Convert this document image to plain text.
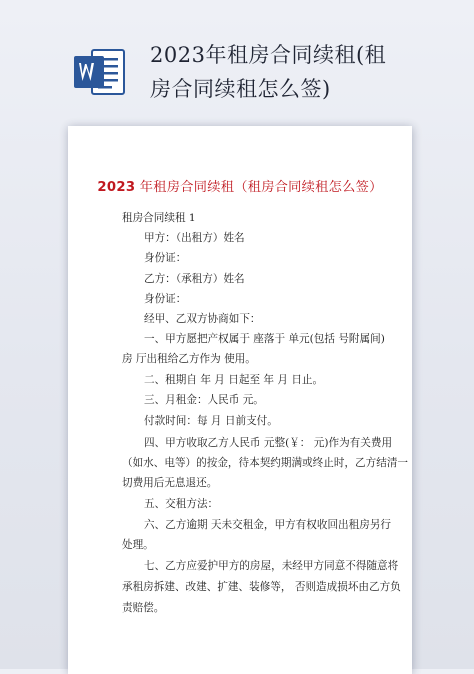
2023年租房合同续租(租
房合同续租怎么签)
2023 年租房合同续租（租房合同续租怎么签）
租房合同续租 1
甲方：（出租方）姓名
身份证：
乙方：（承租方）姓名
身份证：
经甲、乙双方协商如下：
一、甲方愿把产权属于 座落于 单元(包括 号附属间)
房 厅出租给乙方作为 使用。
二、租期自 年 月 日起至 年 月 日止。
三、月租金：人民币 元。
付款时间：每 月 日前支付。
四、甲方收取乙方人民币 元整(￥： 元)作为有关费用
（如水、电等）的按金，待本契约期满或终止时，乙方结清一
切费用后无息退还。
五、交租方法：
六、乙方逾期 天未交租金，甲方有权收回出租房另行
处理。
七、乙方应爱护甲方的房屋，未经甲方同意不得随意将
承租房拆建、改建、扩建、装修等， 否则造成损坏由乙方负
责赔偿。
